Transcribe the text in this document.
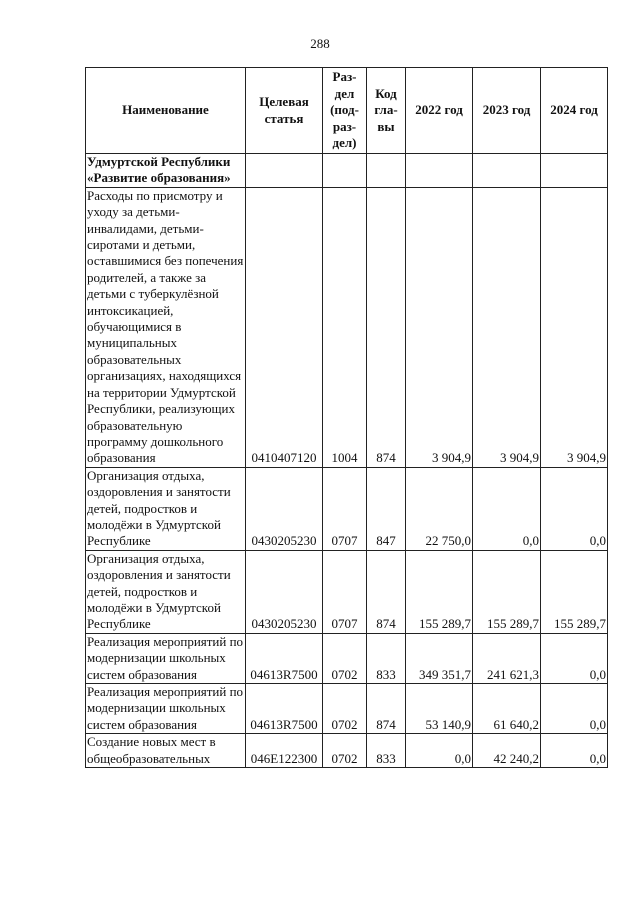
288
Наименование	Целевая статья	Раз-дел (под-раз-дел)	Код гла-вы	2022 год	2023 год	2024 год
Удмуртской Республики «Развитие образования»						
Расходы по присмотру и уходу за детьми-инвалидами, детьми-сиротами и детьми, оставшимися без попечения родителей, а также за детьми с туберкулёзной интоксикацией, обучающимися в муниципальных образовательных организациях, находящихся на территории Удмуртской Республики, реализующих образовательную программу дошкольного образования	0410407120	1004	874	3 904,9	3 904,9	3 904,9
Организация отдыха, оздоровления и занятости детей, подростков и молодёжи в Удмуртской Республике	0430205230	0707	847	22 750,0	0,0	0,0
Организация отдыха, оздоровления и занятости детей, подростков и молодёжи в Удмуртской Республике	0430205230	0707	874	155 289,7	155 289,7	155 289,7
Реализация мероприятий по модернизации школьных систем образования	04613R7500	0702	833	349 351,7	241 621,3	0,0
Реализация мероприятий по модернизации школьных систем образования	04613R7500	0702	874	53 140,9	61 640,2	0,0
Создание новых мест в общеобразовательных	046E122300	0702	833	0,0	42 240,2	0,0
